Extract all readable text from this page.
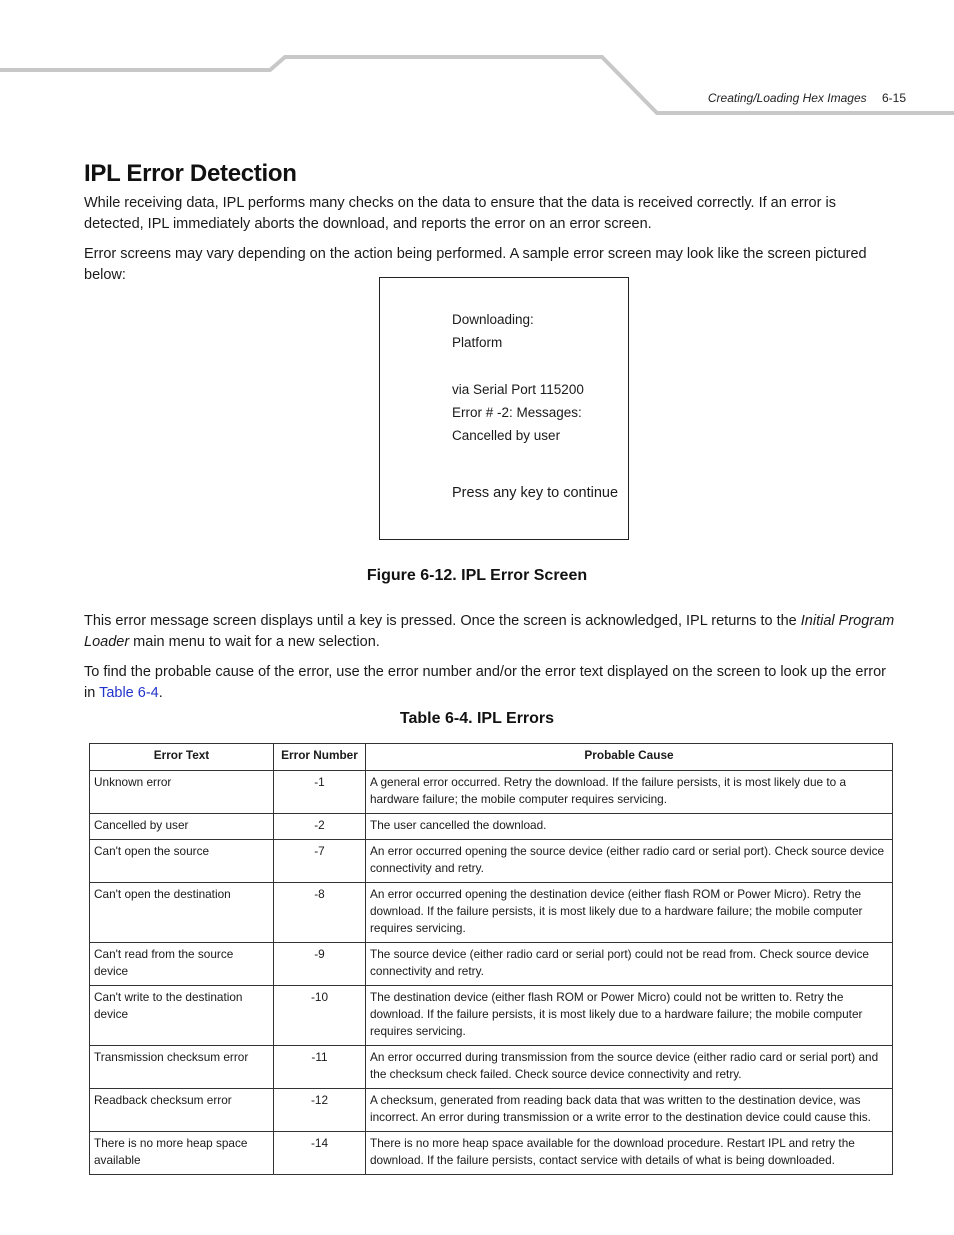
Creating/Loading Hex Images 6-15
IPL Error Detection

While receiving data, IPL performs many checks on the data to ensure that the data is received correctly. If an error is detected, IPL immediately aborts the download, and reports the error on an error screen.

Error screens may vary depending on the action being performed. A sample error screen may look like the screen pictured below:

Downloading:
Platform
via Serial Port 115200
Error # -2: Messages:
Cancelled by user
Press any key to continue

Figure 6-12. IPL Error Screen

This error message screen displays until a key is pressed. Once the screen is acknowledged, IPL returns to the Initial Program Loader main menu to wait for a new selection.

To find the probable cause of the error, use the error number and/or the error text displayed on the screen to look up the error in Table 6-4.

Table 6-4. IPL Errors

Error Text	Error Number	Probable Cause
Unknown error	-1	A general error occurred. Retry the download. If the failure persists, it is most likely due to a hardware failure; the mobile computer requires servicing.
Cancelled by user	-2	The user cancelled the download.
Can't open the source	-7	An error occurred opening the source device (either radio card or serial port). Check source device connectivity and retry.
Can't open the destination	-8	An error occurred opening the destination device (either flash ROM or Power Micro). Retry the download. If the failure persists, it is most likely due to a hardware failure; the mobile computer requires servicing.
Can't read from the source device	-9	The source device (either radio card or serial port) could not be read from. Check source device connectivity and retry.
Can't write to the destination device	-10	The destination device (either flash ROM or Power Micro) could not be written to. Retry the download. If the failure persists, it is most likely due to a hardware failure; the mobile computer requires servicing.
Transmission checksum error	-11	An error occurred during transmission from the source device (either radio card or serial port) and the checksum check failed. Check source device connectivity and retry.
Readback checksum error	-12	A checksum, generated from reading back data that was written to the destination device, was incorrect. An error during transmission or a write error to the destination device could cause this.
There is no more heap space available	-14	There is no more heap space available for the download procedure. Restart IPL and retry the download. If the failure persists, contact service with details of what is being downloaded.
